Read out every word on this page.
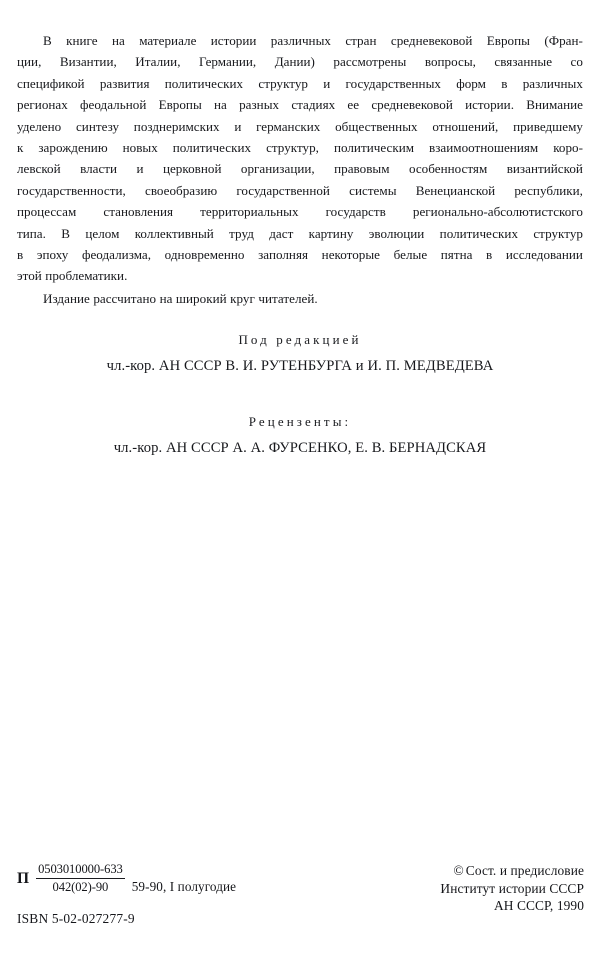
В книге на материале истории различных стран средневековой Европы (Фран-
ции, Византии, Италии, Германии, Дании) рассмотрены вопросы, связанные со
спецификой развития политических структур и государственных форм в различных
регионах феодальной Европы на разных стадиях ее средневековой истории. Внимание
уделено синтезу позднеримских и германских общественных отношений, приведшему
к зарождению новых политических структур, политическим взаимоотношениям коро-
левской власти и церковной организации, правовым особенностям византийской
государственности, своеобразию государственной системы Венецианской республики,
процессам становления территориальных государств регионально-абсолютистского
типа. В целом коллективный труд даст картину эволюции политических структур
в эпоху феодализма, одновременно заполняя некоторые белые пятна в исследовании
этой проблематики.

Издание рассчитано на широкий круг читателей.

Под редакцией
чл.-кор. АН СССР В. И. РУТЕНБУРГА и И. П. МЕДВЕДЕВА
Рецензенты:
чл.-кор. АН СССР А. А. ФУРСЕНКО, Е. В. БЕРНАДСКАЯ
П $\frac{0503010000-633}{042(02)-90} 59-90$, I полугодие
ISBN 5-02-027277-9
© Сост. и предисловие
Институт истории СССР
АН СССР, 1990
